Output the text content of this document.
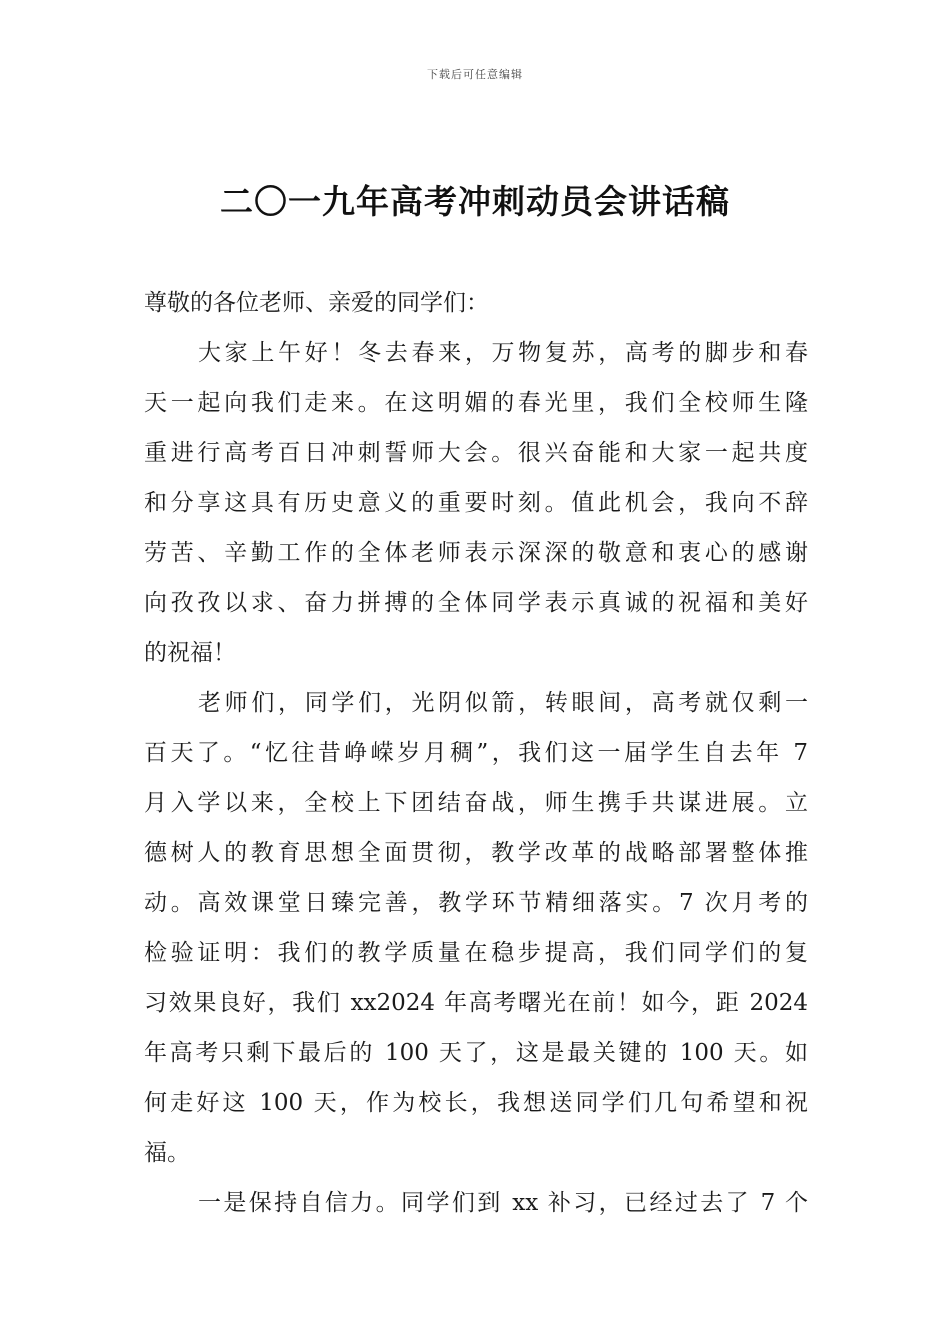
下载后可任意编辑
二〇一九年高考冲刺动员会讲话稿

尊敬的各位老师、亲爱的同学们：

大家上午好！冬去春来，万物复苏，高考的脚步和春
天一起向我们走来。在这明媚的春光里，我们全校师生隆
重进行高考百日冲刺誓师大会。很兴奋能和大家一起共度
和分享这具有历史意义的重要时刻。值此机会，我向不辞
劳苦、辛勤工作的全体老师表示深深的敬意和衷心的感谢
向孜孜以求、奋力拼搏的全体同学表示真诚的祝福和美好
的祝福！
老师们，同学们，光阴似箭，转眼间，高考就仅剩一
百天了。“忆往昔峥嵘岁月稠”，我们这一届学生自去年 7
月入学以来，全校上下团结奋战，师生携手共谋进展。立
德树人的教育思想全面贯彻，教学改革的战略部署整体推
动。高效课堂日臻完善，教学环节精细落实。7 次月考的
检验证明：我们的教学质量在稳步提高，我们同学们的复
习效果良好，我们 xx2024 年高考曙光在前！如今，距 2024
年高考只剩下最后的 100 天了，这是最关键的 100 天。如
何走好这 100 天，作为校长，我想送同学们几句希望和祝
福。
一是保持自信力。同学们到 xx 补习，已经过去了 7 个
